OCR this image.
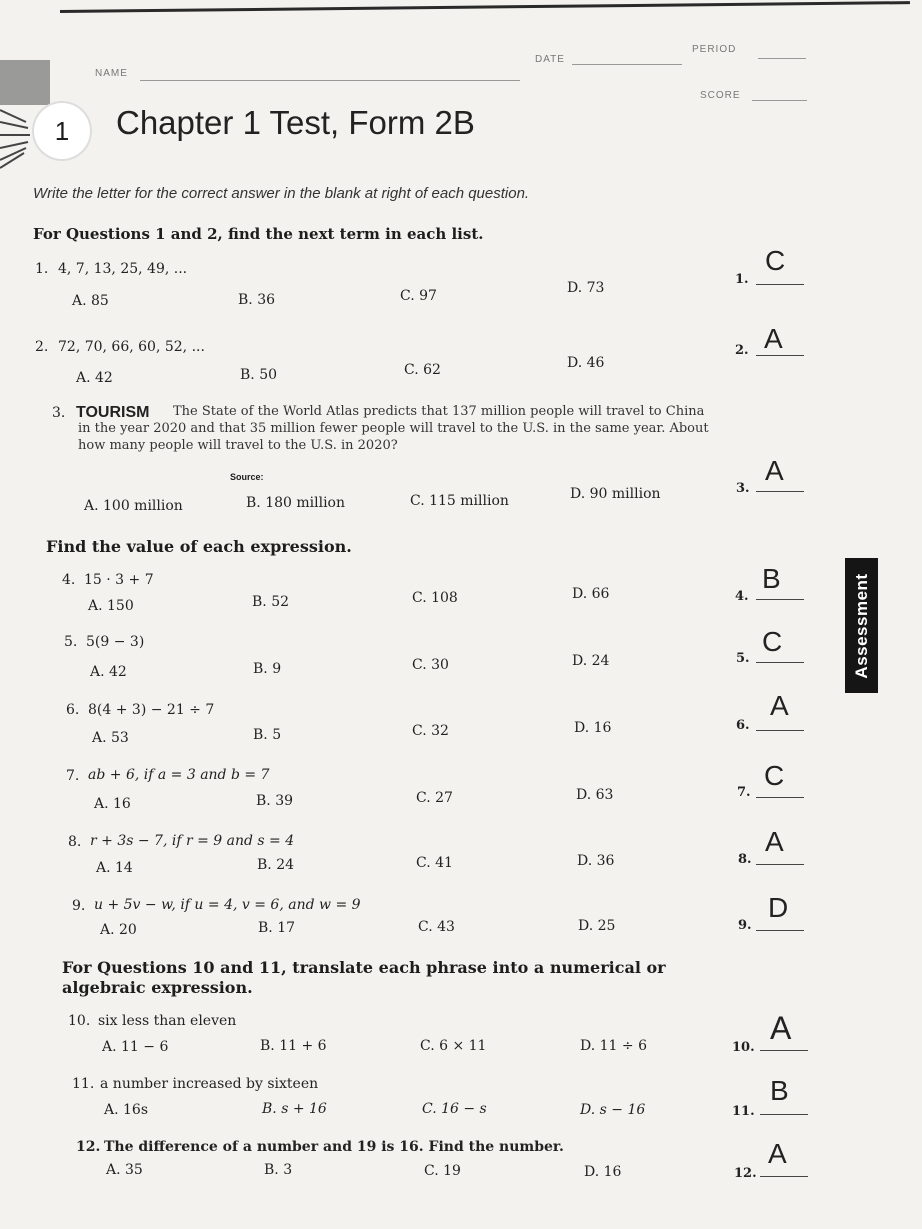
NAME
DATE
PERIOD
SCORE
1	Chapter 1 Test, Form 2B
Write the letter for the correct answer in the blank at right of each question.
For Questions 1 and 2, find the next term in each list.
1. 4, 7, 13, 25, 49, ...
A. 85	B. 36	C. 97	D. 73
1.
C
2. 72, 70, 66, 60, 52, ...
A. 42	B. 50	C. 62	D. 46
2. A
3. TOURISM	The State of the World Atlas predicts that 137 million people will travel to China in the year 2020 and that 35 million fewer people will travel to the U.S. in the same year. About how many people will travel to the U.S. in 2020?
Source:
A. 100 million	B. 180 million	C. 115 million	D. 90 million	3.
A
Find the value of each expression.
4. 15 · 3 + 7
A. 150	B. 52	C. 108	D. 66	4.
B
5. 5(9 − 3)
A. 42	B. 9	C. 30	D. 24	5.
C
6. 8(4 + 3) − 21 ÷ 7
A. 53	B. 5	C. 32	D. 16	6.
A
7. ab + 6, if a = 3 and b = 7
A. 16	B. 39	C. 27	D. 63	7.
C
8. r + 3s − 7, if r = 9 and s = 4
A. 14	B. 24	C. 41	D. 36	8.
A
9. u + 5v − w, if u = 4, v = 6, and w = 9
A. 20	B. 17	C. 43	D. 25	9.
D
For Questions 10 and 11, translate each phrase into a numerical or algebraic expression.
10. six less than eleven
A. 11 − 6	B. 11 + 6	C. 6 × 11	D. 11 ÷ 6	10.
A
11. a number increased by sixteen
A. 16s	B. s + 16	C. 16 − s	D. s − 16	11.
B
12. The difference of a number and 19 is 16. Find the number.
A. 35	B. 3	C. 19	D. 16	12.
A
Assessment
